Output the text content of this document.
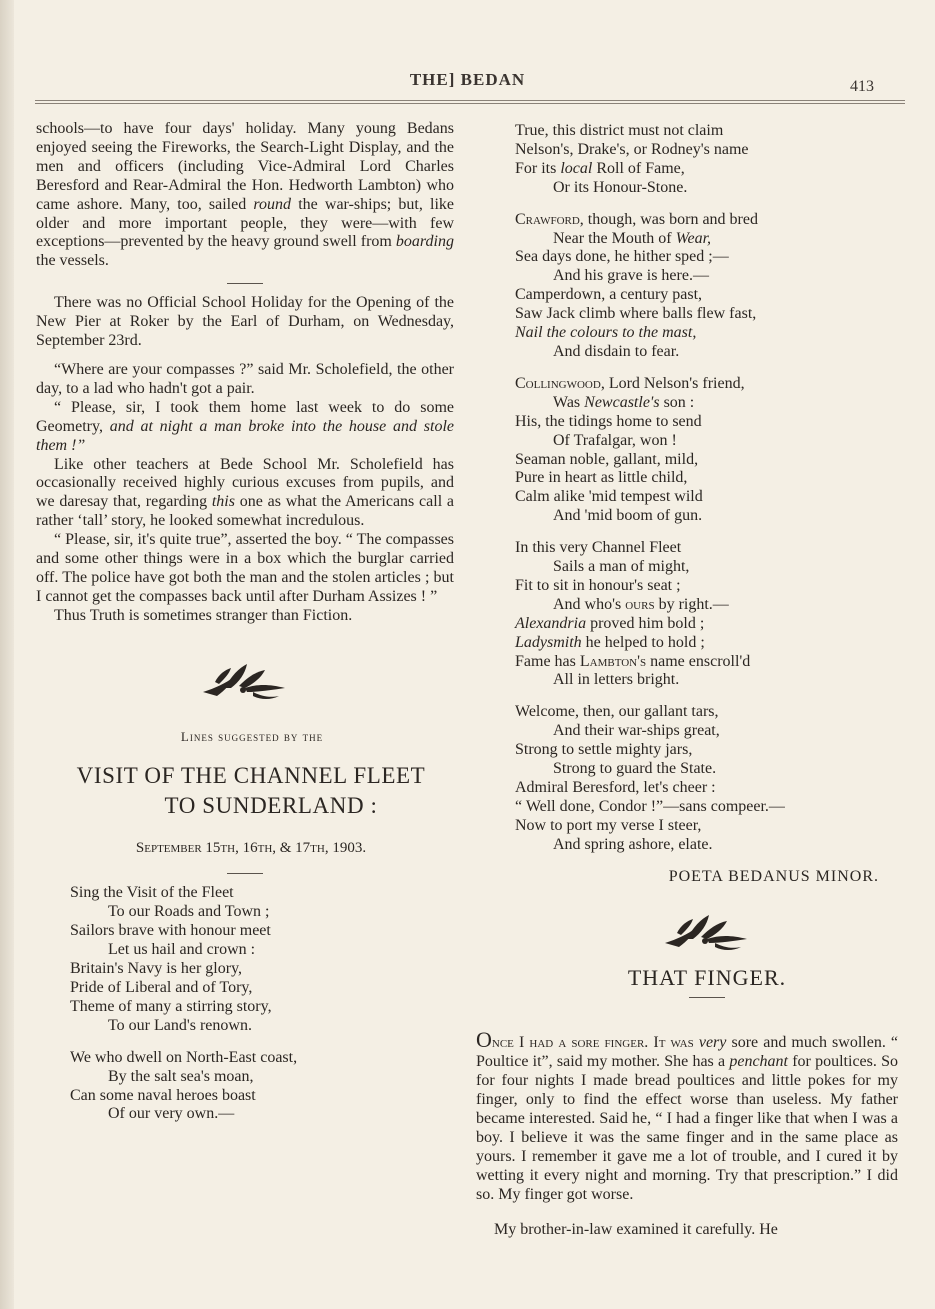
THE] BEDAN	413

schools—to have four days' holiday. Many young Bedans enjoyed seeing the Fireworks, the Search-Light Display, and the men and officers (including Vice-Admiral Lord Charles Beresford and Rear-Admiral the Hon. Hedworth Lambton) who came ashore. Many, too, sailed round the war-ships; but, like older and more important people, they were—with few exceptions—prevented by the heavy ground swell from boarding the vessels.

There was no Official School Holiday for the Opening of the New Pier at Roker by the Earl of Durham, on Wednesday, September 23rd.

“Where are your compasses ?” said Mr. Scholefield, the other day, to a lad who hadn't got a pair.

“ Please, sir, I took them home last week to do some Geometry, and at night a man broke into the house and stole them !”

Like other teachers at Bede School Mr. Scholefield has occasionally received highly curious excuses from pupils, and we daresay that, regarding this one as what the Americans call a rather ‘tall’ story, he looked somewhat incredulous.

“ Please, sir, it's quite true”, asserted the boy. “ The compasses and some other things were in a box which the burglar carried off. The police have got both the man and the stolen articles ; but I cannot get the compasses back until after Durham Assizes ! ”

Thus Truth is sometimes stranger than Fiction.

Lines suggested by the
VISIT OF THE CHANNEL FLEET
TO SUNDERLAND :
September 15th, 16th, & 17th, 1903.
Sing the Visit of the Fleet
To our Roads and Town ;
Sailors brave with honour meet
Let us hail and crown :
Britain's Navy is her glory,
Pride of Liberal and of Tory,
Theme of many a stirring story,
To our Land's renown.
We who dwell on North-East coast,
By the salt sea's moan,
Can some naval heroes boast
Of our very own.—
True, this district must not claim
Nelson's, Drake's, or Rodney's name
For its local Roll of Fame,
Or its Honour-Stone.
Crawford, though, was born and bred
Near the Mouth of Wear,
Sea days done, he hither sped ;—
And his grave is here.—
Camperdown, a century past,
Saw Jack climb where balls flew fast,
Nail the colours to the mast,
And disdain to fear.
Collingwood, Lord Nelson's friend,
Was Newcastle's son :
His, the tidings home to send
Of Trafalgar, won !
Seaman noble, gallant, mild,
Pure in heart as little child,
Calm alike 'mid tempest wild
And 'mid boom of gun.
In this very Channel Fleet
Sails a man of might,
Fit to sit in honour's seat ;
And who's ours by right.—
Alexandria proved him bold ;
Ladysmith he helped to hold ;
Fame has Lambton's name enscroll'd
All in letters bright.
Welcome, then, our gallant tars,
And their war-ships great,
Strong to settle mighty jars,
Strong to guard the State.
Admiral Beresford, let's cheer :
“ Well done, Condor !”—sans compeer.—
Now to port my verse I steer,
And spring ashore, elate.
POETA BEDANUS MINOR.
THAT FINGER.

Once I had a sore finger. It was very sore and much swollen. “ Poultice it”, said my mother. She has a penchant for poultices. So for four nights I made bread poultices and little pokes for my finger, only to find the effect worse than useless. My father became interested. Said he, “ I had a finger like that when I was a boy. I believe it was the same finger and in the same place as yours. I remember it gave me a lot of trouble, and I cured it by wetting it every night and morning. Try that prescription.” I did so. My finger got worse.

My brother-in-law examined it carefully. He
